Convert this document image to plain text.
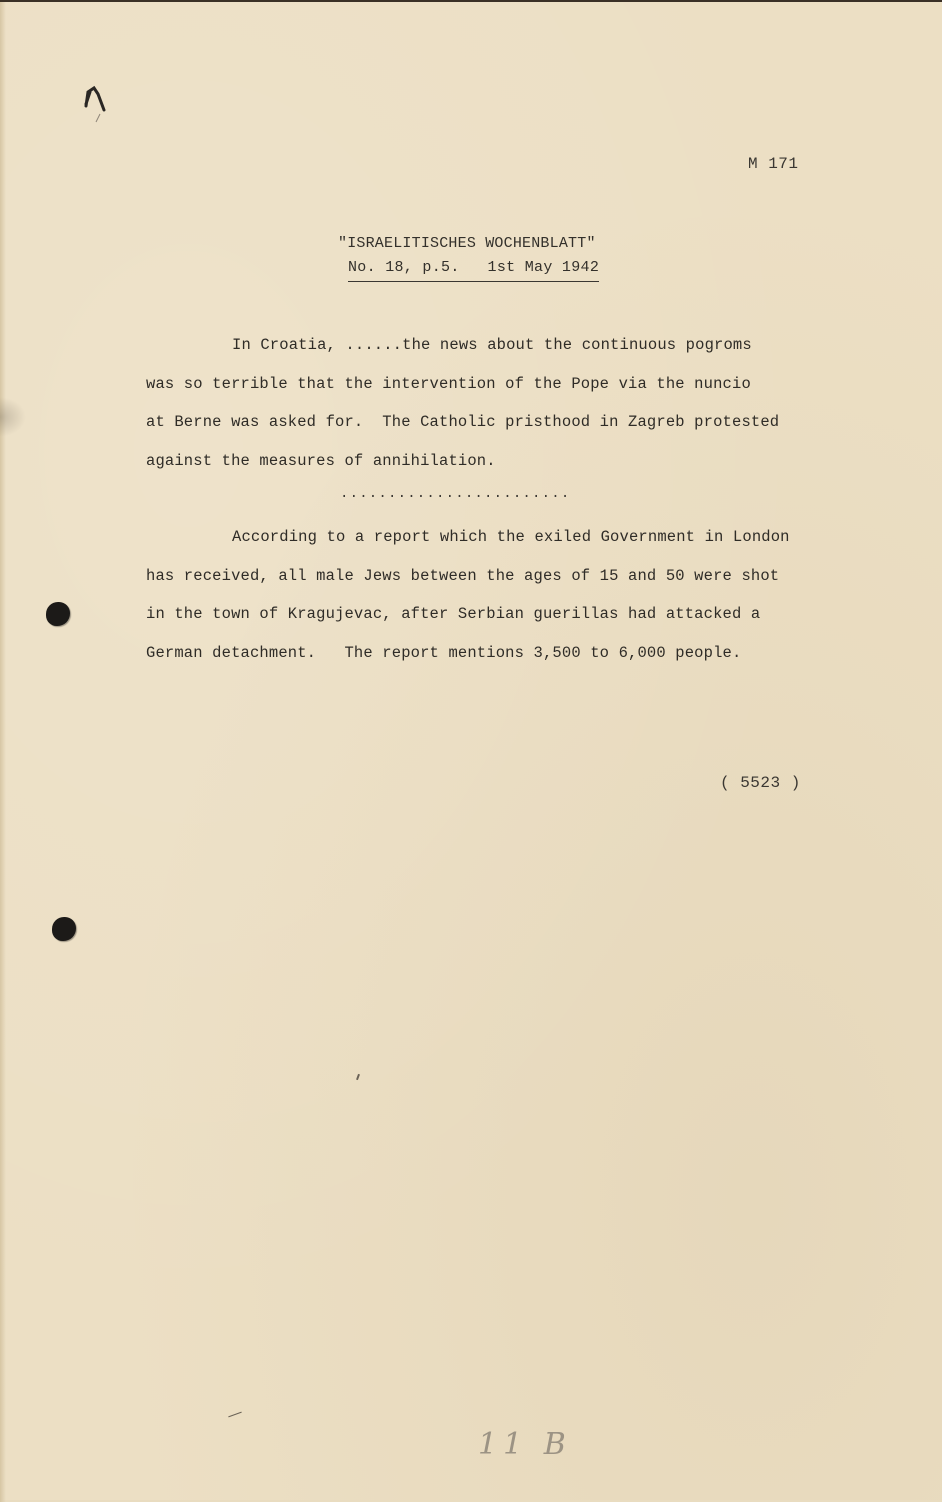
M 171
"ISRAELITISCHES WOCHENBLATT"
No. 18, p.5.   1st May 1942
In Croatia, ......the news about the continuous pogroms
was so terrible that the intervention of the Pope via the nuncio
at Berne was asked for.  The Catholic pristhood in Zagreb protested
against the measures of annihilation.
........................
According to a report which the exiled Government in London
has received, all male Jews between the ages of 15 and 50 were shot
in the town of Kragujevac, after Serbian guerillas had attacked a
German detachment.   The report mentions 3,500 to 6,000 people.
( 5523 )
11 B
